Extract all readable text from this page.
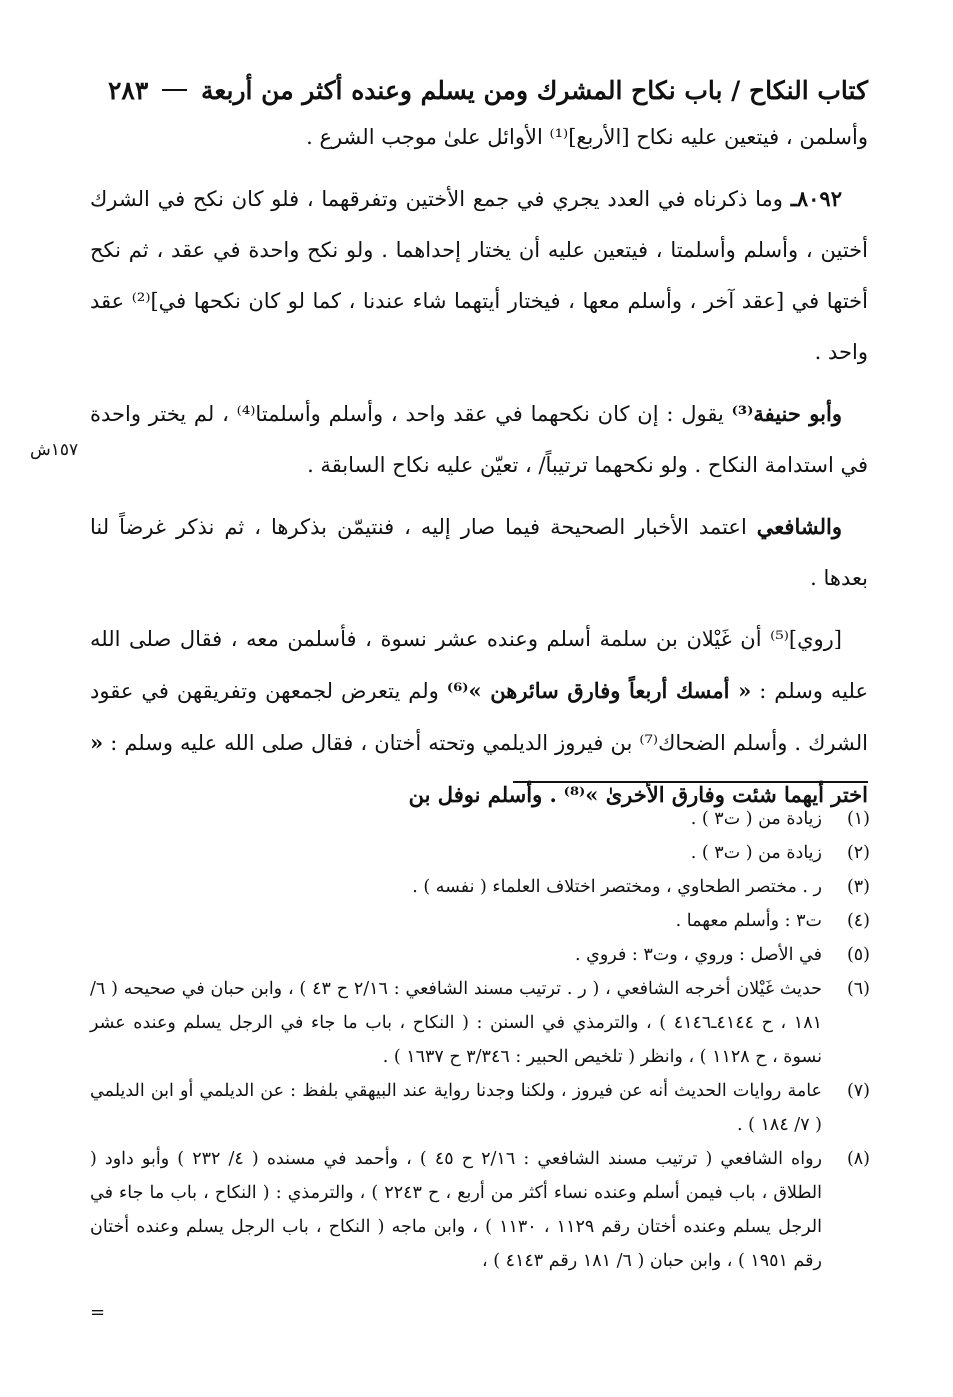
كتاب النكاح / باب نكاح المشرك ومن يسلم وعنده أكثر من أربعة
٢٨٣

وأسلمن ، فيتعين عليه نكاح [الأربع]⁽¹⁾ الأوائل علىٰ موجب الشرع .

٨٠٩٢ـ وما ذكرناه في العدد يجري في جمع الأختين وتفرقهما ، فلو كان نكح في الشرك أختين ، وأسلم وأسلمتا ، فيتعين عليه أن يختار إحداهما . ولو نكح واحدة في عقد ، ثم نكح أختها في [عقد آخر ، وأسلم معها ، فيختار أيتهما شاء عندنا ، كما لو كان نكحها في]⁽²⁾ عقد واحد .

وأبو حنيفة⁽³⁾ يقول : إن كان نكحهما في عقد واحد ، وأسلم وأسلمتا⁽⁴⁾ ، لم يختر واحدة في استدامة النكاح . ولو نكحهما ترتيباً/ ، تعيّن عليه نكاح السابقة .

والشافعي اعتمد الأخبار الصحيحة فيما صار إليه ، فنتيمّن بذكرها ، ثم نذكر غرضاً لنا بعدها .

[روي]⁽⁵⁾ أن غَيْلان بن سلمة أسلم وعنده عشر نسوة ، فأسلمن معه ، فقال صلى الله عليه وسلم : « أمسك أربعاً وفارق سائرهن »⁽⁶⁾ ولم يتعرض لجمعهن وتفريقهن في عقود الشرك . وأسلم الضحاك⁽⁷⁾ بن فيروز الديلمي وتحته أختان ، فقال صلى الله عليه وسلم : « اختر أيهما شئت وفارق الأخرىٰ »⁽⁸⁾ . وأسلم نوفل بن

١٥٧ش
(١)
زيادة من ( ت٣ ) .
(٢)
زيادة من ( ت٣ ) .
(٣)
ر . مختصر الطحاوي ، ومختصر اختلاف العلماء ( نفسه ) .
(٤)
ت٣ : وأسلم معهما .
(٥)
في الأصل : وروي ، وت٣ : فروي .
(٦)
حديث غَيْلان أخرجه الشافعي ، ( ر . ترتيب مسند الشافعي : ٢/١٦ ح ٤٣ ) ، وابن حبان في صحيحه ( ٦/ ١٨١ ، ح ٤١٤٤ـ٤١٤٦ ) ، والترمذي في السنن : ( النكاح ، باب ما جاء في الرجل يسلم وعنده عشر نسوة ، ح ١١٢٨ ) ، وانظر ( تلخيص الحبير : ٣/٣٤٦ ح ١٦٣٧ ) .
(٧)
عامة روايات الحديث أنه عن فيروز ، ولكنا وجدنا رواية عند البيهقي بلفظ : عن الديلمي أو ابن الديلمي ( ٧/ ١٨٤ ) .
(٨)
رواه الشافعي ( ترتيب مسند الشافعي : ٢/١٦ ح ٤٥ ) ، وأحمد في مسنده ( ٤/ ٢٣٢ ) وأبو داود ( الطلاق ، باب فيمن أسلم وعنده نساء أكثر من أربع ، ح ٢٢٤٣ ) ، والترمذي : ( النكاح ، باب ما جاء في الرجل يسلم وعنده أختان رقم ١١٢٩ ، ١١٣٠ ) ، وابن ماجه ( النكاح ، باب الرجل يسلم وعنده أختان رقم ١٩٥١ ) ، وابن حبان ( ٦/ ١٨١ رقم ٤١٤٣ ) ،
=
